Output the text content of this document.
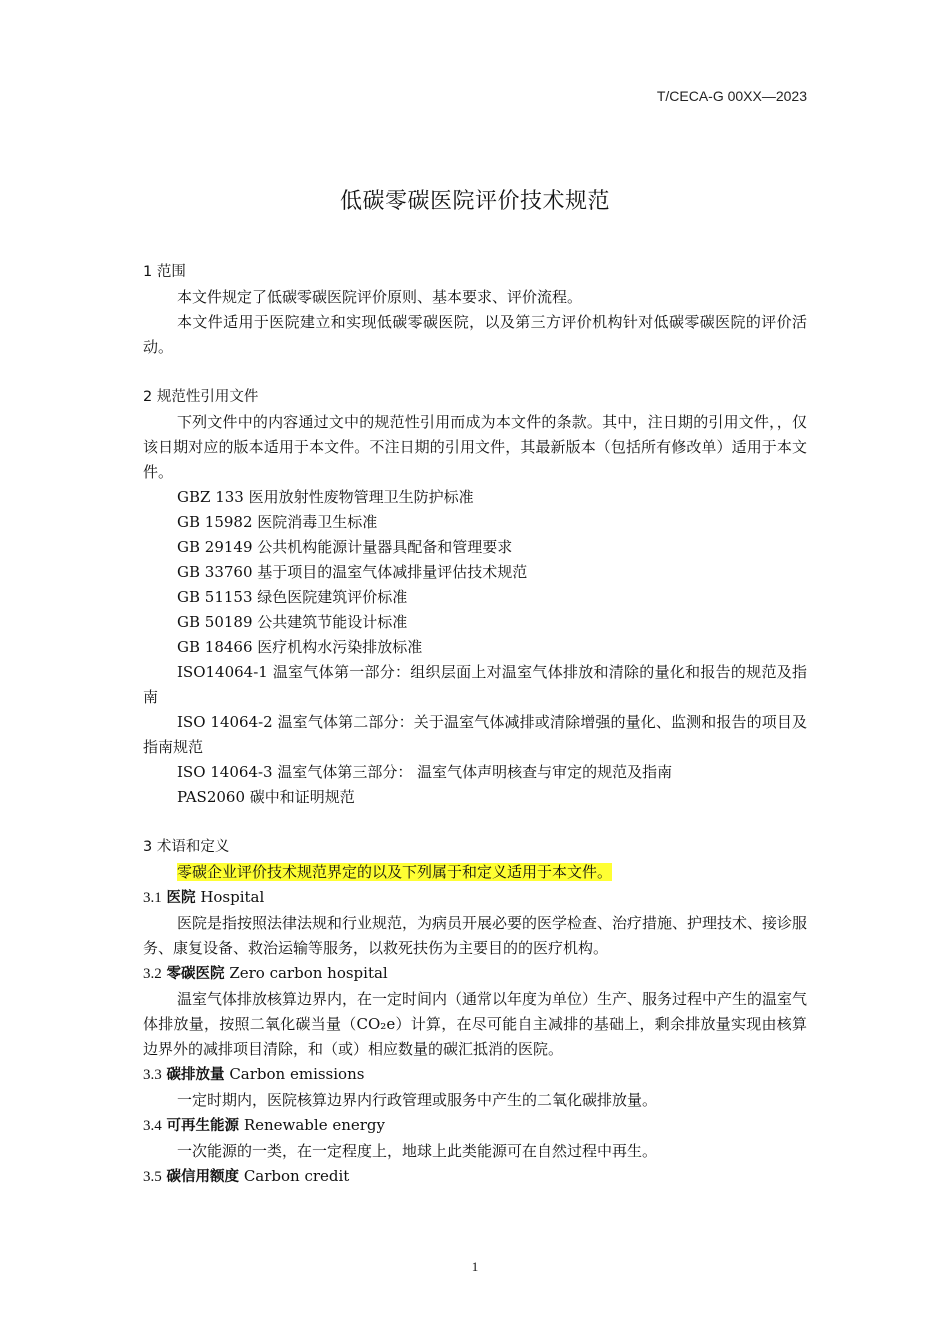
T/CECA-G 00XX—2023
低碳零碳医院评价技术规范

1 范围

本文件规定了低碳零碳医院评价原则、基本要求、评价流程。

本文件适用于医院建立和实现低碳零碳医院，以及第三方评价机构针对低碳零碳医院的评价活动。

2 规范性引用文件

下列文件中的内容通过文中的规范性引用而成为本文件的条款。其中，注日期的引用文件，，仅该日期对应的版本适用于本文件。不注日期的引用文件，其最新版本（包括所有修改单）适用于本文件。

GBZ 133 医用放射性废物管理卫生防护标准

GB 15982 医院消毒卫生标准

GB 29149 公共机构能源计量器具配备和管理要求

GB 33760 基于项目的温室气体减排量评估技术规范

GB 51153 绿色医院建筑评价标准

GB 50189 公共建筑节能设计标准

GB 18466 医疗机构水污染排放标准

ISO14064-1 温室气体第一部分：组织层面上对温室气体排放和清除的量化和报告的规范及指南

ISO 14064-2 温室气体第二部分：关于温室气体减排或清除增强的量化、监测和报告的项目及指南规范

ISO 14064-3 温室气体第三部分： 温室气体声明核查与审定的规范及指南

PAS2060 碳中和证明规范

3 术语和定义

零碳企业评价技术规范界定的以及下列属于和定义适用于本文件。

3.1 医院 Hospital

医院是指按照法律法规和行业规范，为病员开展必要的医学检查、治疗措施、护理技术、接诊服务、康复设备、救治运输等服务，以救死扶伤为主要目的的医疗机构。

3.2 零碳医院 Zero carbon hospital

温室气体排放核算边界内，在一定时间内（通常以年度为单位）生产、服务过程中产生的温室气体排放量，按照二氧化碳当量（CO₂e）计算，在尽可能自主减排的基础上，剩余排放量实现由核算边界外的减排项目清除，和（或）相应数量的碳汇抵消的医院。

3.3 碳排放量 Carbon emissions

一定时期内，医院核算边界内行政管理或服务中产生的二氧化碳排放量。

3.4 可再生能源 Renewable energy

一次能源的一类，在一定程度上，地球上此类能源可在自然过程中再生。

3.5 碳信用额度 Carbon credit

1
